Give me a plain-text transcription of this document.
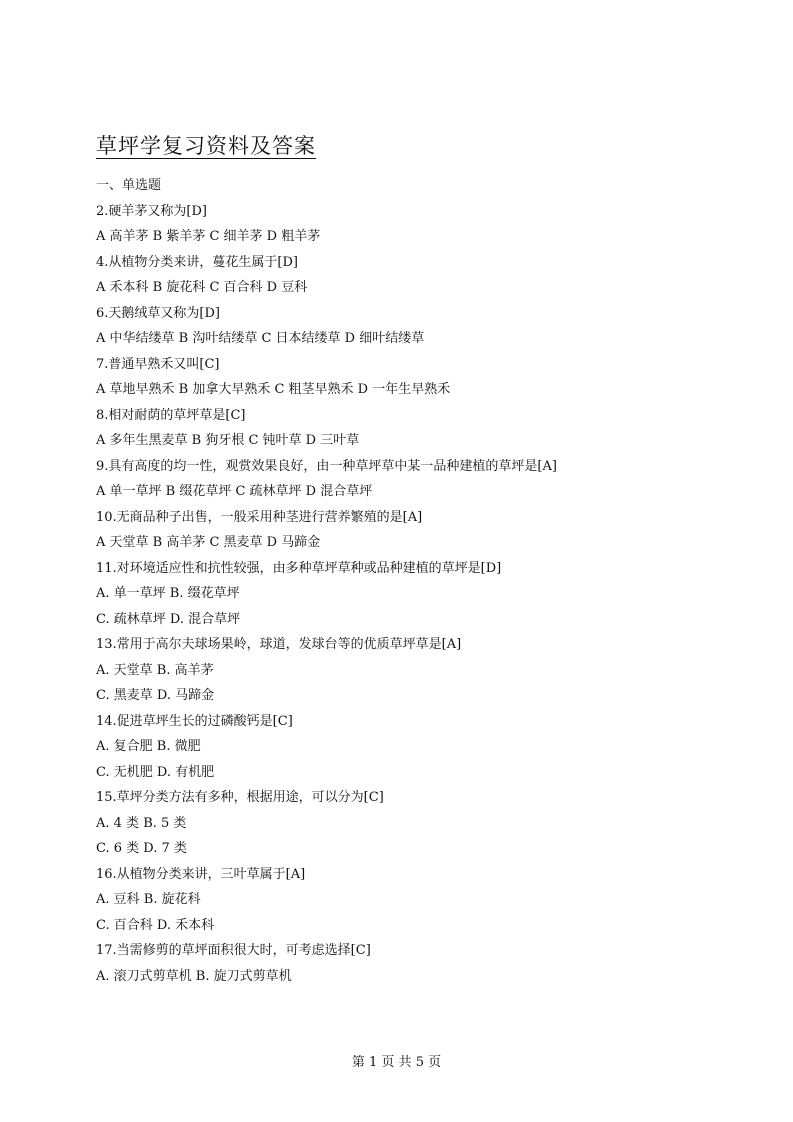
草坪学复习资料及答案
一、单选题
2.硬羊茅又称为[D]
A 高羊茅 B 紫羊茅 C 细羊茅 D 粗羊茅
4.从植物分类来讲，蔓花生属于[D]
A 禾本科 B 旋花科 C 百合科 D 豆科
6.天鹅绒草又称为[D]
A 中华结缕草 B 沟叶结缕草 C 日本结缕草 D 细叶结缕草
7.普通早熟禾又叫[C]
A 草地早熟禾 B 加拿大早熟禾 C 粗茎早熟禾 D 一年生早熟禾
8.相对耐荫的草坪草是[C]
A 多年生黑麦草 B 狗牙根 C 钝叶草 D 三叶草
9.具有高度的均一性，观赏效果良好，由一种草坪草中某一品种建植的草坪是[A]
A 单一草坪 B 缀花草坪 C 疏林草坪 D 混合草坪
10.无商品种子出售，一般采用种茎进行营养繁殖的是[A]
A 天堂草 B 高羊茅 C 黑麦草 D 马蹄金
11.对环境适应性和抗性较强，由多种草坪草种或品种建植的草坪是[D]
A. 单一草坪 B. 缀花草坪
C. 疏林草坪 D. 混合草坪
13.常用于高尔夫球场果岭，球道，发球台等的优质草坪草是[A]
A. 天堂草 B. 高羊茅
C. 黑麦草 D. 马蹄金
14.促进草坪生长的过磷酸钙是[C]
A. 复合肥 B. 微肥
C. 无机肥 D. 有机肥
15.草坪分类方法有多种，根据用途，可以分为[C]
A. 4 类 B. 5 类
C. 6 类 D. 7 类
16.从植物分类来讲，三叶草属于[A]
A. 豆科 B. 旋花科
C. 百合科 D. 禾本科
17.当需修剪的草坪面积很大时，可考虑选择[C]
A. 滚刀式剪草机 B. 旋刀式剪草机
第 1 页 共 5 页
